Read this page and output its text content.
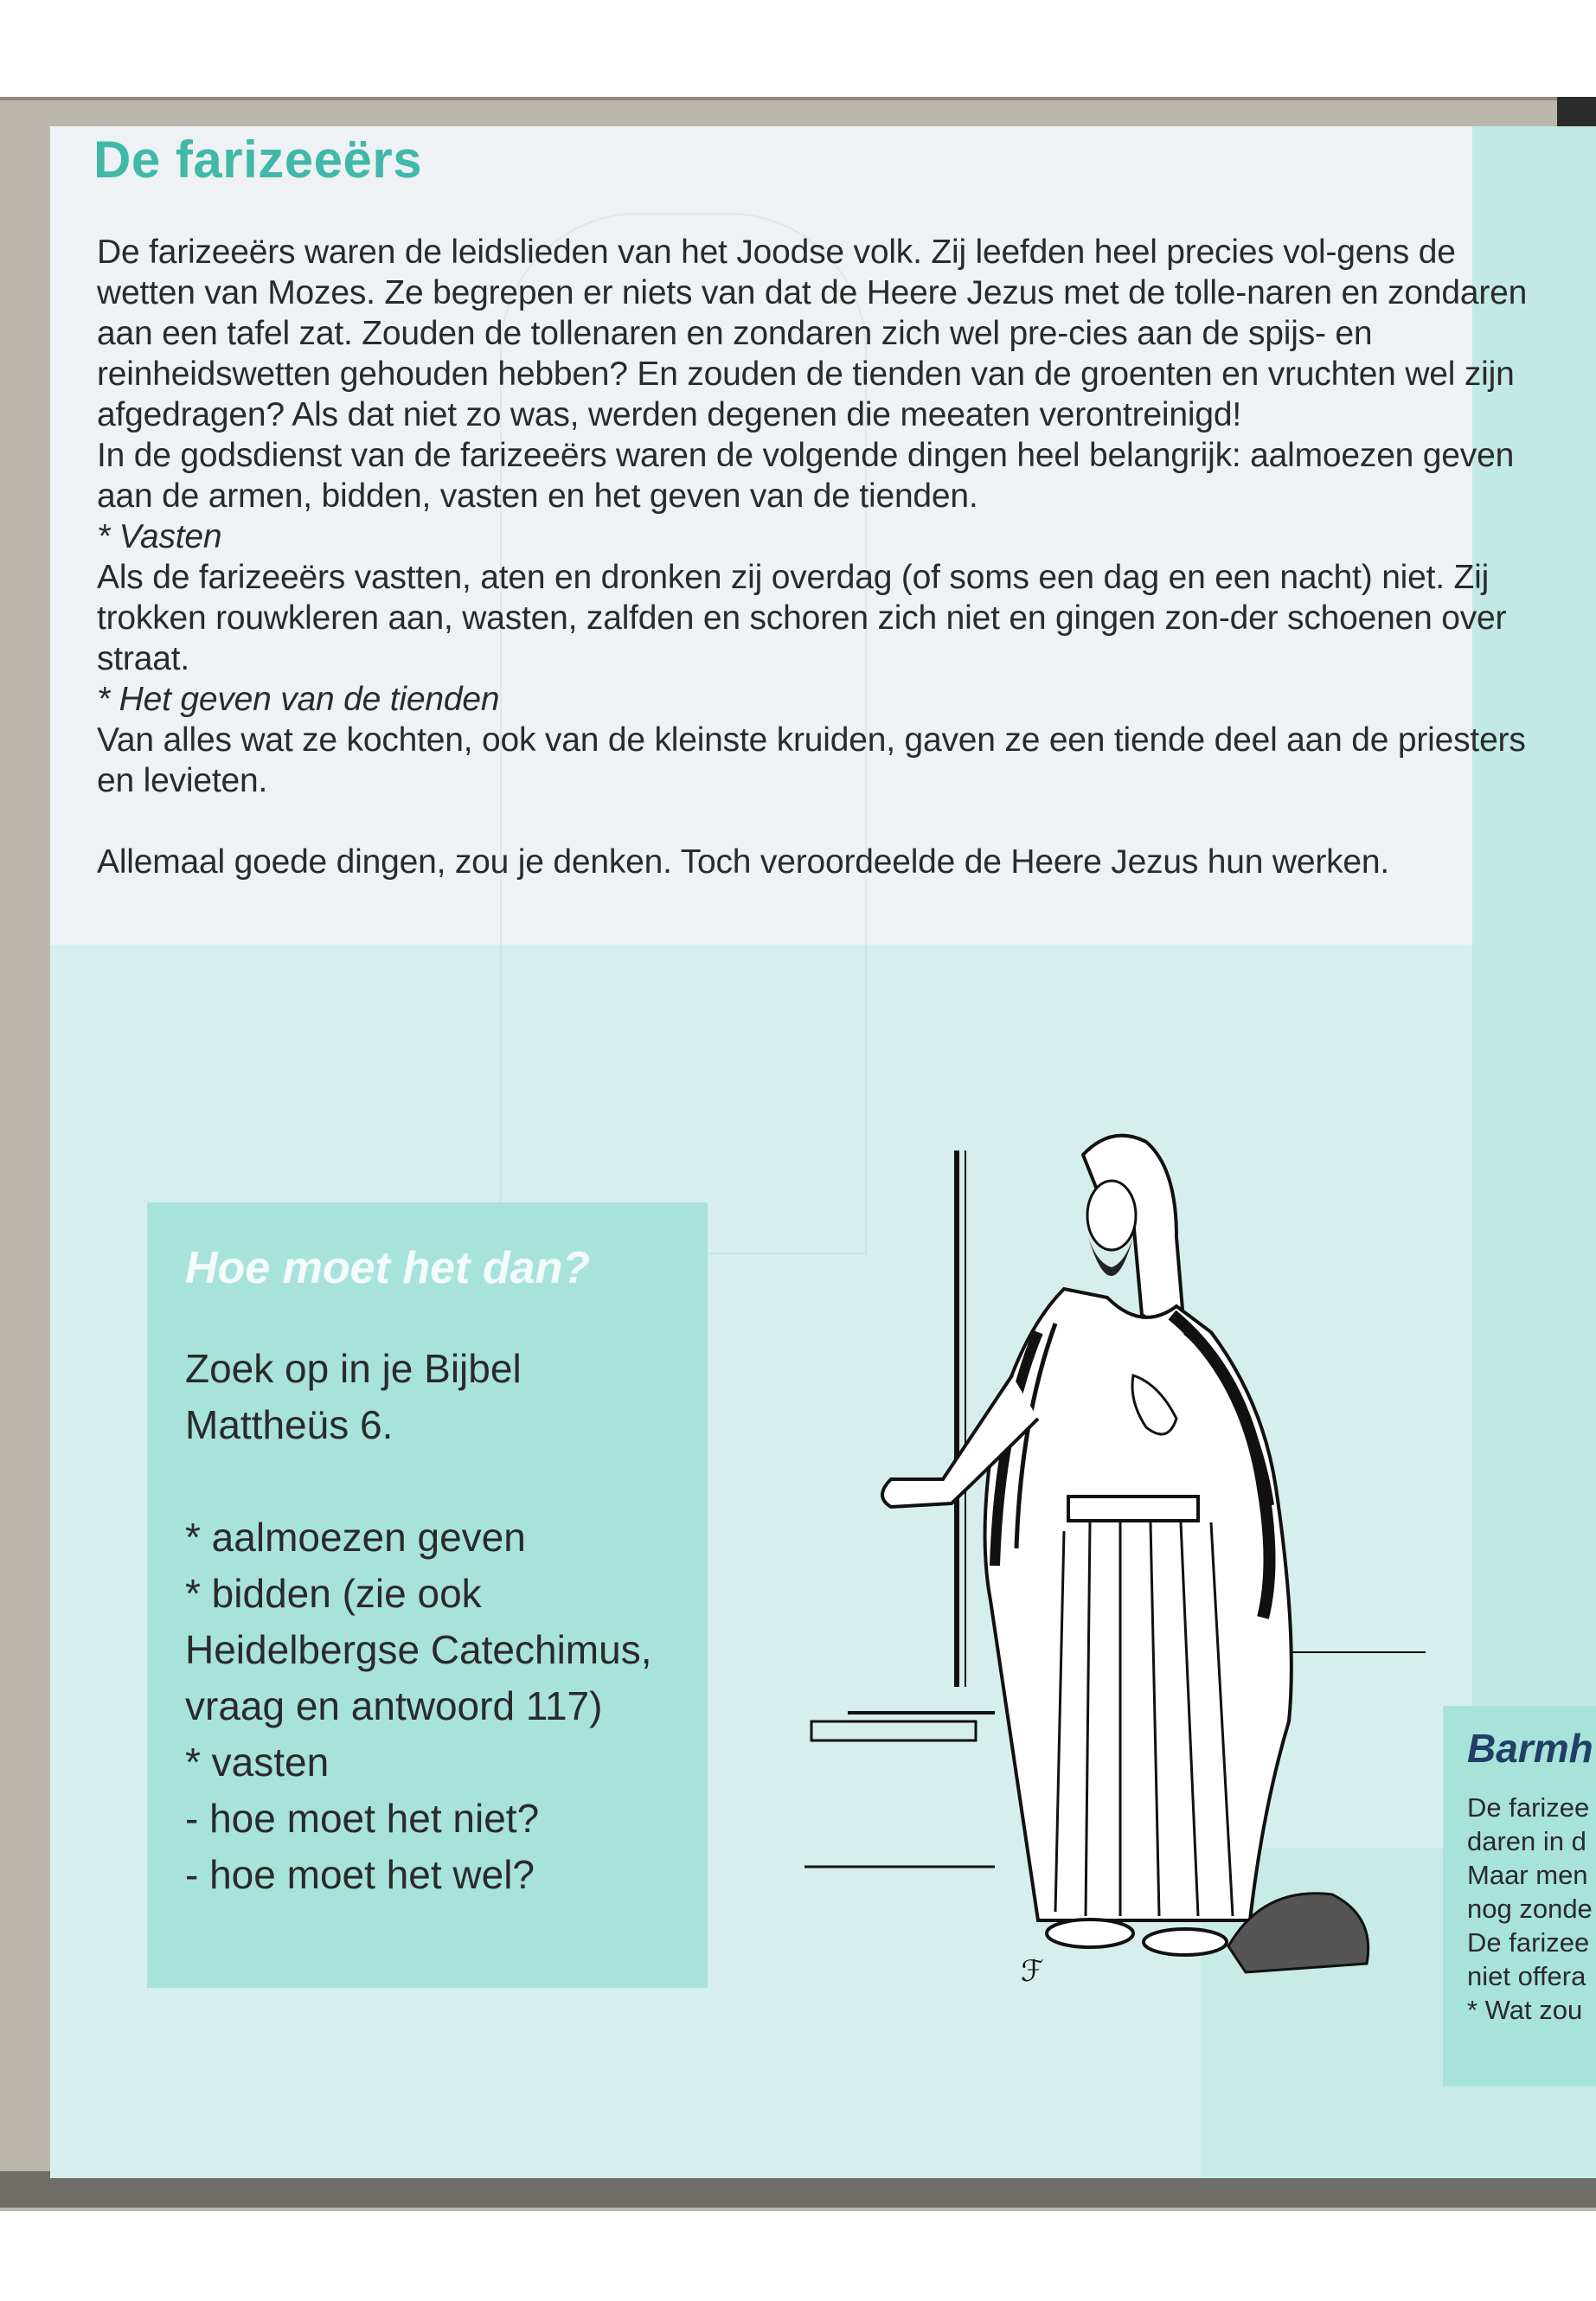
De farizeeërs

De farizeeërs waren de leidslieden van het Joodse volk. Zij leefden heel precies vol-gens de wetten van Mozes. Ze begrepen er niets van dat de Heere Jezus met de tolle-naren en zondaren aan een tafel zat. Zouden de tollenaren en zondaren zich wel pre-cies aan de spijs- en reinheidswetten gehouden hebben? En zouden de tienden van de groenten en vruchten wel zijn afgedragen? Als dat niet zo was, werden degenen die meeaten verontreinigd!

In de godsdienst van de farizeeërs waren de volgende dingen heel belangrijk: aalmoezen geven aan de armen, bidden, vasten en het geven van de tienden.

* Vasten

Als de farizeeërs vastten, aten en dronken zij overdag (of soms een dag en een nacht) niet. Zij trokken rouwkleren aan, wasten, zalfden en schoren zich niet en gingen zon-der schoenen over straat.

* Het geven van de tienden

Van alles wat ze kochten, ook van de kleinste kruiden, gaven ze een tiende deel aan de priesters en levieten.

Allemaal goede dingen, zou je denken. Toch veroordeelde de Heere Jezus hun werken.

Hoe moet het dan?

Zoek op in je Bijbel

Mattheüs 6.

* aalmoezen geven

* bidden (zie ook

Heidelbergse Catechimus,

vraag en antwoord 117)

* vasten

- hoe moet het niet?

- hoe moet het wel?

ℱ
Barmh

De farizee

daren in d

Maar men

nog zonde

De farizee

niet offera

* Wat zou
